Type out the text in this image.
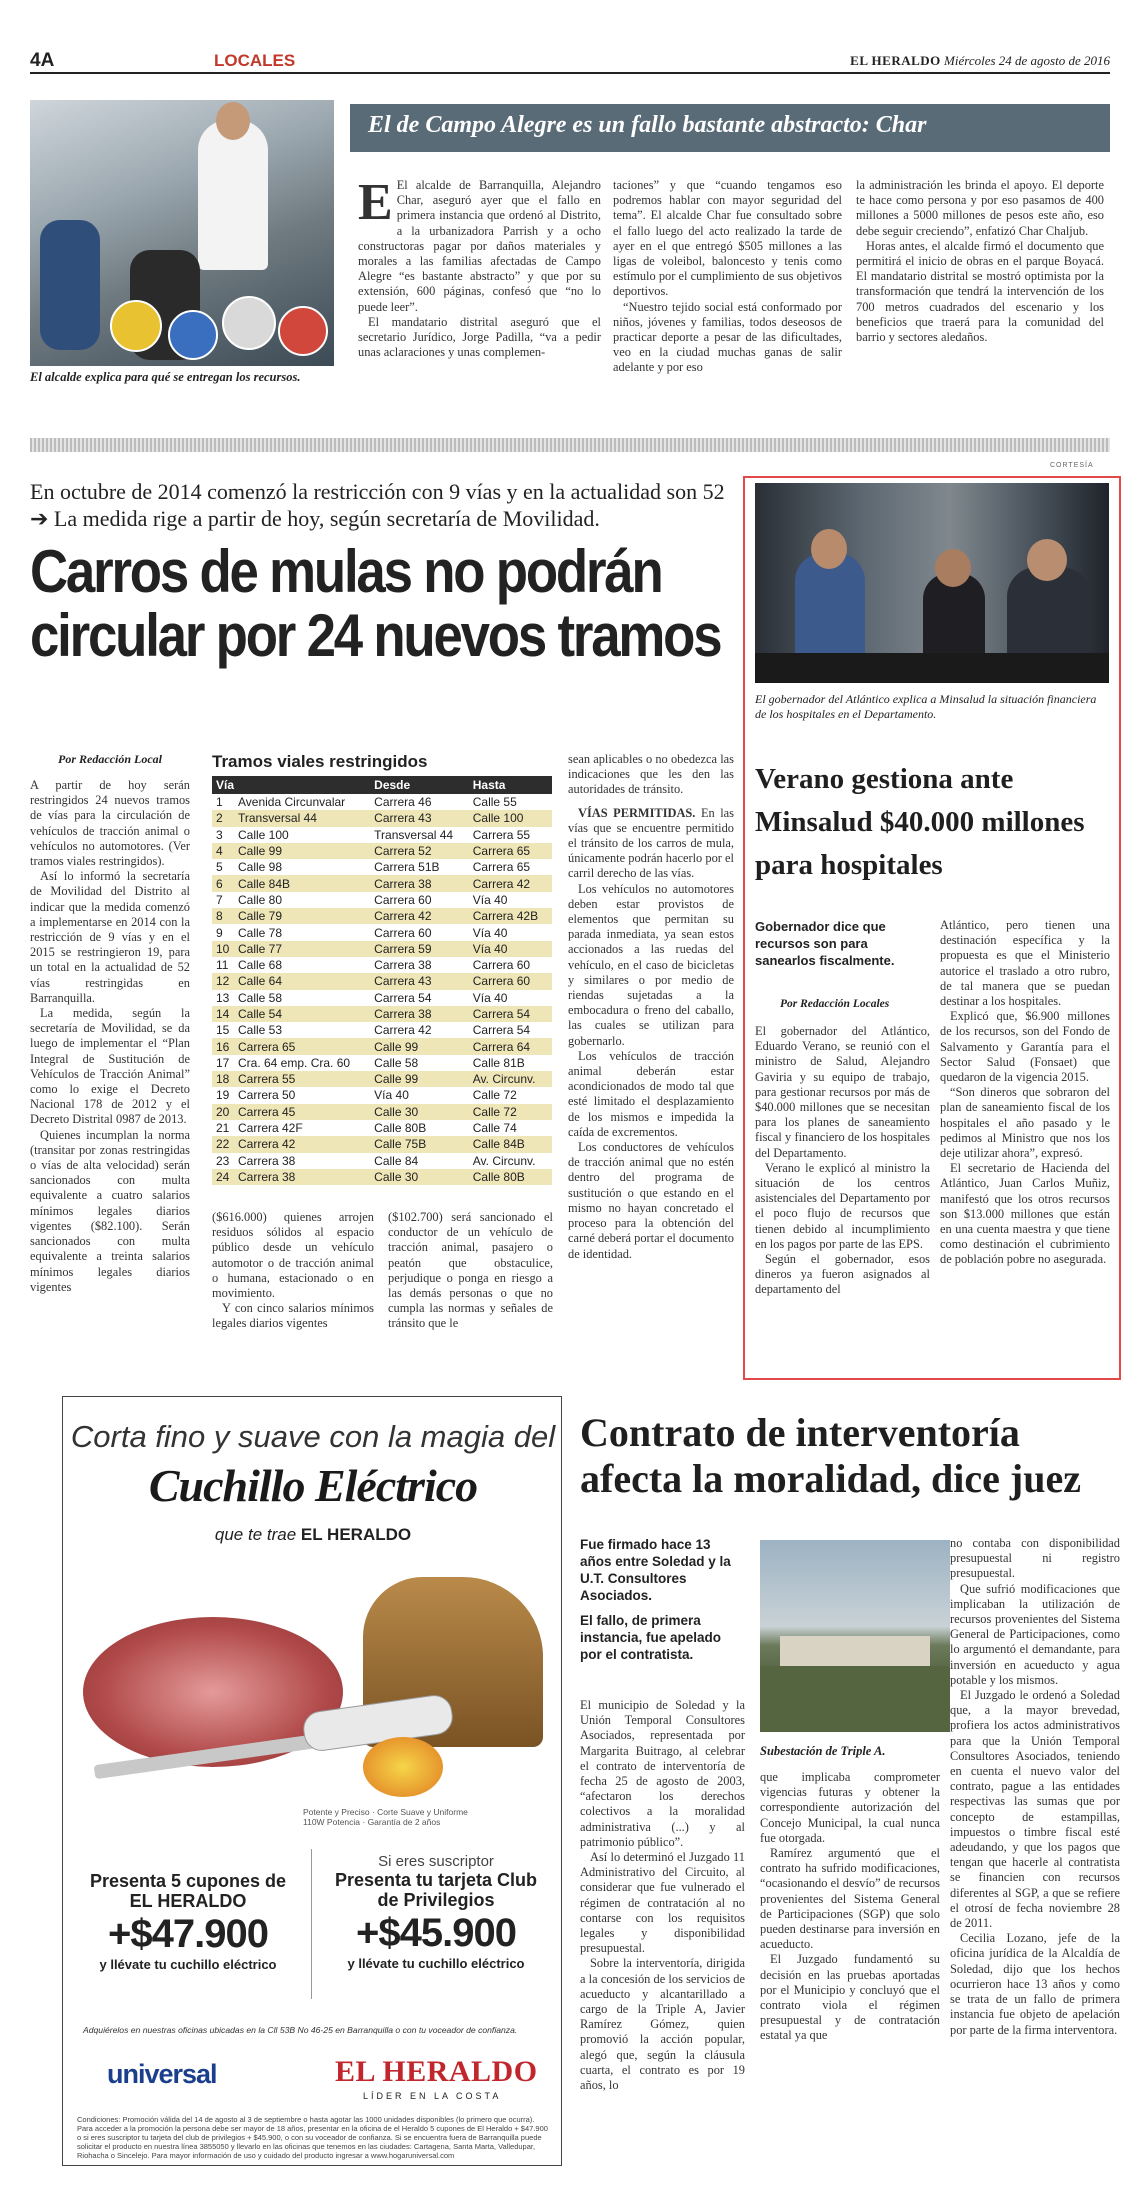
4A	LOCALES	EL HERALDO Miércoles 24 de agosto de 2016
El alcalde explica para qué se entregan los recursos.
El de Campo Alegre es un fallo bastante abstracto: Char

E El alcalde de Barranquilla, Alejandro Char, aseguró ayer que el fallo en primera instancia que ordenó al Distrito, a la urbanizadora Parrish y a ocho constructoras pagar por daños materiales y morales a las familias afectadas de Campo Alegre “es bastante abstracto” y que por su extensión, 600 páginas, confesó que “no lo puede leer”.

El mandatario distrital aseguró que el secretario Jurídico, Jorge Padilla, “va a pedir unas aclaraciones y unas complemen-

taciones” y que “cuando tengamos eso podremos hablar con mayor seguridad del tema”. El alcalde Char fue consultado sobre el fallo luego del acto realizado la tarde de ayer en el que entregó $505 millones a las ligas de voleibol, baloncesto y tenis como estímulo por el cumplimiento de sus objetivos deportivos.

“Nuestro tejido social está conformado por niños, jóvenes y familias, todos deseosos de practicar deporte a pesar de las dificultades, veo en la ciudad muchas ganas de salir adelante y por eso

la administración les brinda el apoyo. El deporte te hace como persona y por eso pasamos de 400 millones a 5000 millones de pesos este año, eso debe seguir creciendo”, enfatizó Char Chaljub.

Horas antes, el alcalde firmó el documento que permitirá el inicio de obras en el parque Boyacá. El mandatario distrital se mostró optimista por la transformación que tendrá la intervención de los 700 metros cuadrados del escenario y los beneficios que traerá para la comunidad del barrio y sectores aledaños.

En octubre de 2014 comenzó la restricción con 9 vías y en la actualidad son 52 ➔ La medida rige a partir de hoy, según secretaría de Movilidad.
Carros de mulas no podrán
circular por 24 nuevos tramos
Por Redacción Local

A partir de hoy serán restringidos 24 nuevos tramos de vías para la circulación de vehículos de tracción animal o vehículos no automotores. (Ver tramos viales restringidos).

Así lo informó la secretaría de Movilidad del Distrito al indicar que la medida comenzó a implementarse en 2014 con la restricción de 9 vías y en el 2015 se restringieron 19, para un total en la actualidad de 52 vías restringidas en Barranquilla.

La medida, según la secretaría de Movilidad, se da luego de implementar el “Plan Integral de Sustitución de Vehículos de Tracción Animal” como lo exige el Decreto Nacional 178 de 2012 y el Decreto Distrital 0987 de 2013.

Quienes incumplan la norma (transitar por zonas restringidas o vías de alta velocidad) serán sancionados con multa equivalente a cuatro salarios mínimos legales diarios vigentes ($82.100). Serán sancionados con multa equivalente a treinta salarios mínimos legales diarios vigentes

Tramos viales restringidos
Vía		Desde	Hasta
1	Avenida Circunvalar	Carrera 46	Calle 55
2	Transversal 44	Carrera 43	Calle 100
3	Calle 100	Transversal 44	Carrera 55
4	Calle 99	Carrera 52	Carrera 65
5	Calle 98	Carrera 51B	Carrera 65
6	Calle 84B	Carrera 38	Carrera 42
7	Calle 80	Carrera 60	Vía 40
8	Calle 79	Carrera 42	Carrera 42B
9	Calle 78	Carrera 60	Vía 40
10	Calle 77	Carrera 59	Vía 40
11	Calle 68	Carrera 38	Carrera 60
12	Calle 64	Carrera 43	Carrera 60
13	Calle 58	Carrera 54	Vía 40
14	Calle 54	Carrera 38	Carrera 54
15	Calle 53	Carrera 42	Carrera 54
16	Carrera 65	Calle 99	Carrera 64
17	Cra. 64 emp. Cra. 60	Calle 58	Calle 81B
18	Carrera 55	Calle 99	Av. Circunv.
19	Carrera 50	Vía 40	Calle 72
20	Carrera 45	Calle 30	Calle 72
21	Carrera 42F	Calle 80B	Calle 74
22	Carrera 42	Calle 75B	Calle 84B
23	Carrera 38	Calle 84	Av. Circunv.
24	Carrera 38	Calle 30	Calle 80B

($616.000) quienes arrojen residuos sólidos al espacio público desde un vehículo automotor o de tracción animal o humana, estacionado o en movimiento.

Y con cinco salarios mínimos legales diarios vigentes

($102.700) será sancionado el conductor de un vehículo de tracción animal, pasajero o peatón que obstaculice, perjudique o ponga en riesgo a las demás personas o que no cumpla las normas y señales de tránsito que le

sean aplicables o no obedezca las indicaciones que les den las autoridades de tránsito.

VÍAS PERMITIDAS. En las vías que se encuentre permitido el tránsito de los carros de mula, únicamente podrán hacerlo por el carril derecho de las vías.

Los vehículos no automotores deben estar provistos de elementos que permitan su parada inmediata, ya sean estos accionados a las ruedas del vehículo, en el caso de bicicletas y similares o por medio de riendas sujetadas a la embocadura o freno del caballo, las cuales se utilizan para gobernarlo.

Los vehículos de tracción animal deberán estar acondicionados de modo tal que esté limitado el desplazamiento de los mismos e impedida la caída de excrementos.

Los conductores de vehículos de tracción animal que no estén dentro del programa de sustitución o que estando en el mismo no hayan concretado el proceso para la obtención del carné deberá portar el documento de identidad.

CORTESÍA
El gobernador del Atlántico explica a Minsalud la situación financiera de los hospitales en el Departamento.
Verano gestiona ante Minsalud $40.000 millones para hospitales
Gobernador dice que recursos son para sanearlos fiscalmente.
Por Redacción Locales

El gobernador del Atlántico, Eduardo Verano, se reunió con el ministro de Salud, Alejandro Gaviria y su equipo de trabajo, para gestionar recursos por más de $40.000 millones que se necesitan para los planes de saneamiento fiscal y financiero de los hospitales del Departamento.

Verano le explicó al ministro la situación de los centros asistenciales del Departamento por el poco flujo de recursos que tienen debido al incumplimiento en los pagos por parte de las EPS.

Según el gobernador, esos dineros ya fueron asignados al departamento del

Atlántico, pero tienen una destinación específica y la propuesta es que el Ministerio autorice el traslado a otro rubro, de tal manera que se puedan destinar a los hospitales.

Explicó que, $6.900 millones de los recursos, son del Fondo de Salvamento y Garantía para el Sector Salud (Fonsaet) que quedaron de la vigencia 2015.

“Son dineros que sobraron del plan de saneamiento fiscal de los hospitales el año pasado y le pedimos al Ministro que nos los deje utilizar ahora”, expresó.

El secretario de Hacienda del Atlántico, Juan Carlos Muñiz, manifestó que los otros recursos son $13.000 millones que están en una cuenta maestra y que tiene como destinación el cubrimiento de población pobre no asegurada.

Corta fino y suave con la magia del
Cuchillo Eléctrico
que te trae EL HERALDO
Potente y Preciso · Corte Suave y Uniforme
110W Potencia · Garantía de 2 años
Presenta 5 cupones de EL HERALDO
+$47.900
y llévate tu cuchillo eléctrico
Si eres suscriptor
Presenta tu tarjeta Club de Privilegios
+$45.900
y llévate tu cuchillo eléctrico
Adquiérelos en nuestras oficinas ubicadas en la Cll 53B No 46-25 en Barranquilla o con tu voceador de confianza.
universal	EL HERALDO
LÍDER EN LA COSTA
Condiciones: Promoción válida del 14 de agosto al 3 de septiembre o hasta agotar las 1000 unidades disponibles (lo primero que ocurra). Para acceder a la promoción la persona debe ser mayor de 18 años, presentar en la oficina de el Heraldo 5 cupones de El Heraldo + $47.900 o si eres suscriptor tu tarjeta del club de privilegios + $45.900, o con su voceador de confianza. Si se encuentra fuera de Barranquilla puede solicitar el producto en nuestra línea 3855050 y llevarlo en las oficinas que tenemos en las ciudades: Cartagena, Santa Marta, Valledupar, Riohacha o Sincelejo. Para mayor información de uso y cuidado del producto ingresar a www.hogaruniversal.com
Contrato de interventoría afecta la moralidad, dice juez
Fue firmado hace 13 años entre Soledad y la U.T. Consultores Asociados.
El fallo, de primera instancia, fue apelado por el contratista.

El municipio de Soledad y la Unión Temporal Consultores Asociados, representada por Margarita Buitrago, al celebrar el contrato de interventoría de fecha 25 de agosto de 2003, “afectaron los derechos colectivos a la moralidad administrativa (...) y al patrimonio público”.

Así lo determinó el Juzgado 11 Administrativo del Circuito, al considerar que fue vulnerado el régimen de contratación al no contarse con los requisitos legales y disponibilidad presupuestal.

Sobre la interventoría, dirigida a la concesión de los servicios de acueducto y alcantarillado a cargo de la Triple A, Javier Ramírez Gómez, quien promovió la acción popular, alegó que, según la cláusula cuarta, el contrato es por 19 años, lo

Subestación de Triple A.

que implicaba comprometer vigencias futuras y obtener la correspondiente autorización del Concejo Municipal, la cual nunca fue otorgada.

Ramírez argumentó que el contrato ha sufrido modificaciones, “ocasionando el desvío” de recursos provenientes del Sistema General de Participaciones (SGP) que solo pueden destinarse para inversión en acueducto.

El Juzgado fundamentó su decisión en las pruebas aportadas por el Municipio y concluyó que el contrato viola el régimen presupuestal y de contratación estatal ya que

no contaba con disponibilidad presupuestal ni registro presupuestal.

Que sufrió modificaciones que implicaban la utilización de recursos provenientes del Sistema General de Participaciones, como lo argumentó el demandante, para inversión en acueducto y agua potable y los mismos.

El Juzgado le ordenó a Soledad que, a la mayor brevedad, profiera los actos administrativos para que la Unión Temporal Consultores Asociados, teniendo en cuenta el nuevo valor del contrato, pague a las entidades respectivas las sumas que por concepto de estampillas, impuestos o timbre fiscal esté adeudando, y que los pagos que tengan que hacerle al contratista se financien con recursos diferentes al SGP, a que se refiere el otrosí de fecha noviembre 28 de 2011.

Cecilia Lozano, jefe de la oficina jurídica de la Alcaldía de Soledad, dijo que los hechos ocurrieron hace 13 años y como se trata de un fallo de primera instancia fue objeto de apelación por parte de la firma interventora.
